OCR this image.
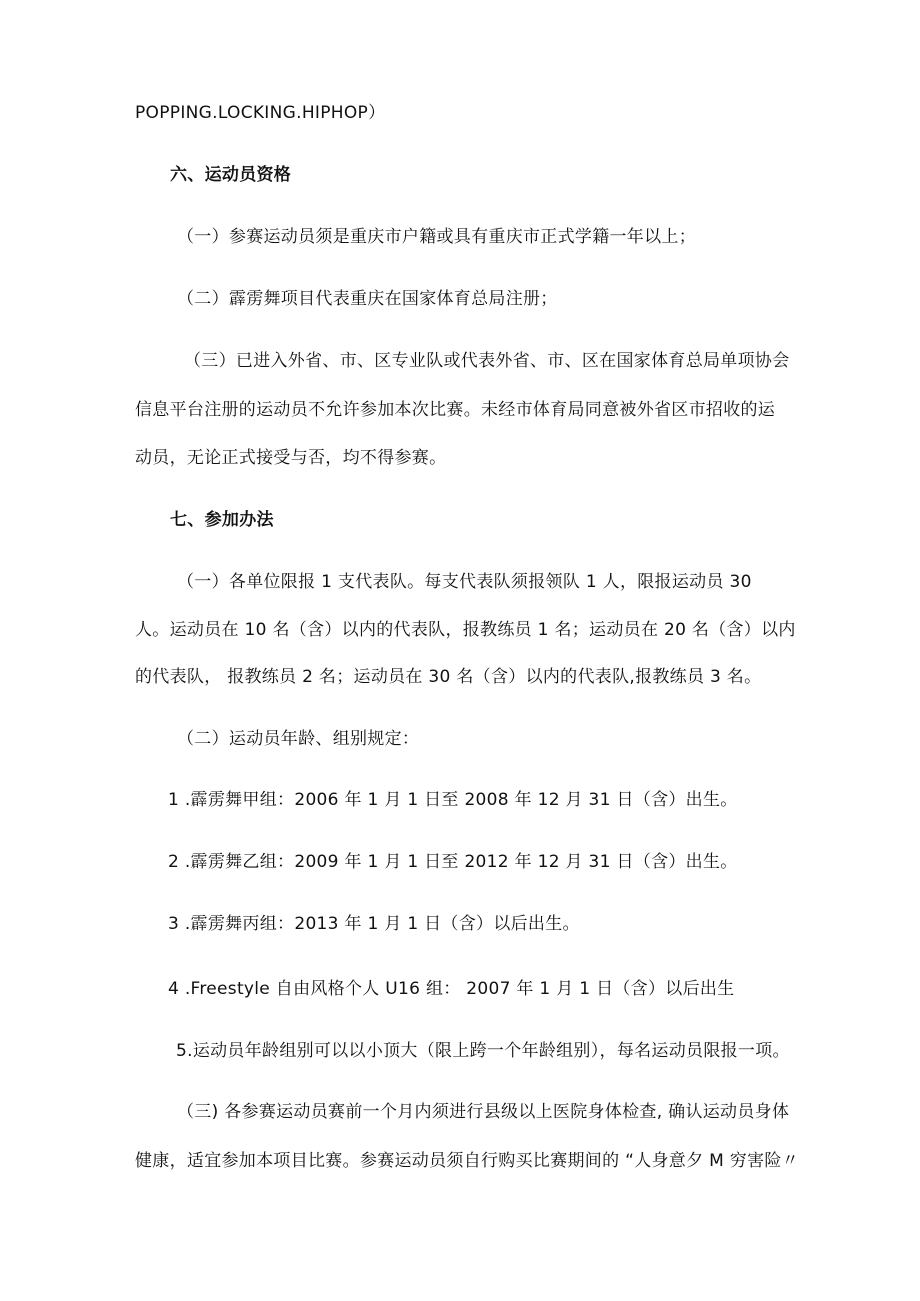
POPPING.LOCKING.HIPHOP）
六、运动员资格
（一）参赛运动员须是重庆市户籍或具有重庆市正式学籍一年以上；
（二）霹雳舞项目代表重庆在国家体育总局注册；
（三）已进入外省、市、区专业队或代表外省、市、区在国家体育总局单项协会
信息平台注册的运动员不允许参加本次比赛。未经市体育局同意被外省区市招收的运
动员，无论正式接受与否，均不得参赛。
七、参加办法
（一）各单位限报 1 支代表队。每支代表队须报领队 1 人，限报运动员 30
人。运动员在 10 名（含）以内的代表队，报教练员 1 名；运动员在 20 名（含）以内
的代表队， 报教练员 2 名；运动员在 30 名（含）以内的代表队,报教练员 3 名。
（二）运动员年龄、组别规定：
1 .霹雳舞甲组：2006 年 1 月 1 日至 2008 年 12 月 31 日（含）出生。
2 .霹雳舞乙组：2009 年 1 月 1 日至 2012 年 12 月 31 日（含）出生。
3 .霹雳舞丙组：2013 年 1 月 1 日（含）以后出生。
4 .Freestyle 自由风格个人 U16 组： 2007 年 1 月 1 日（含）以后出生
5.运动员年龄组别可以以小顶大（限上跨一个年龄组别），每名运动员限报一项。
（三) 各参赛运动员赛前一个月内须进行县级以上医院身体检查, 确认运动员身体
健康，适宜参加本项目比赛。参赛运动员须自行购买比赛期间的 “人身意夕 M 穷害险〃
